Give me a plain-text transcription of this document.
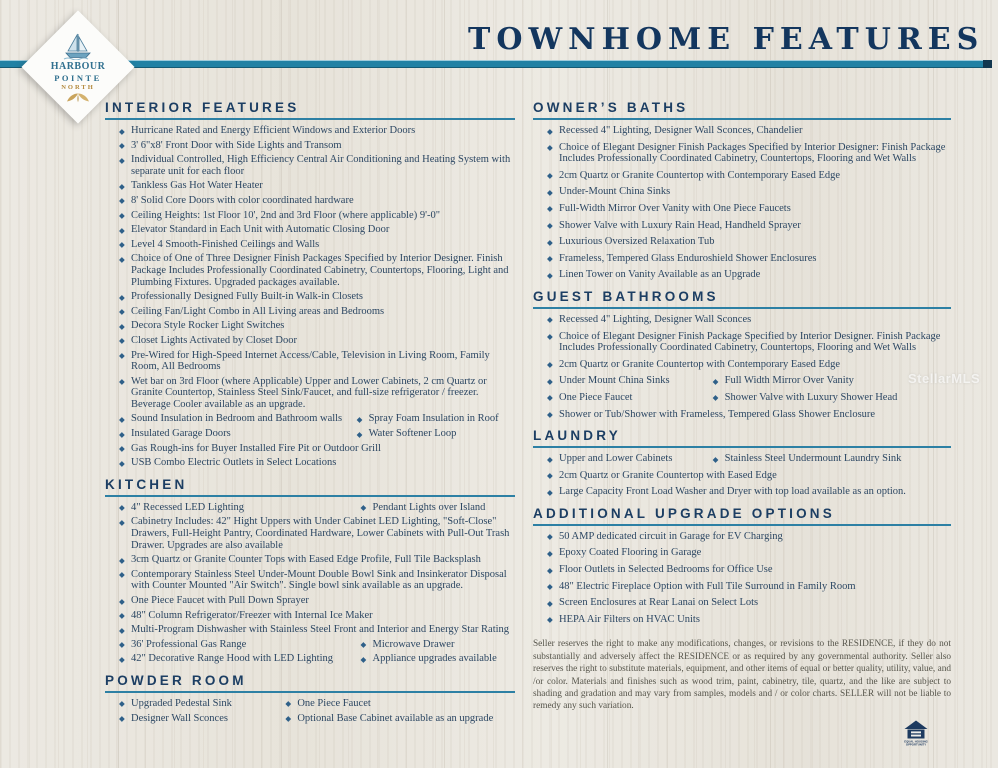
HARBOUR
POINTE
NORTH
TOWNHOME FEATURES
INTERIOR FEATURES
◆ Hurricane Rated and Energy Efficient Windows and Exterior Doors
◆ 3' 6"x8' Front Door with Side Lights and Transom
◆ Individual Controlled, High Efficiency Central Air Conditioning and Heating System with separate unit for each floor
◆ Tankless Gas Hot Water Heater
◆ 8' Solid Core Doors with color coordinated hardware
◆ Ceiling Heights: 1st Floor 10', 2nd and 3rd Floor (where applicable) 9'-0"
◆ Elevator Standard in Each Unit with Automatic Closing Door
◆ Level 4 Smooth-Finished Ceilings and Walls
◆ Choice of One of Three Designer Finish Packages Specified by Interior Designer. Finish Package Includes Professionally Coordinated Cabinetry, Countertops, Flooring, Light and Plumbing Fixtures. Upgraded packages available.
◆ Professionally Designed Fully Built-in Walk-in Closets
◆ Ceiling Fan/Light Combo in All Living areas and Bedrooms
◆ Decora Style Rocker Light Switches
◆ Closet Lights Activated by Closet Door
◆ Pre-Wired for High-Speed Internet Access/Cable, Television in Living Room, Family Room, All Bedrooms
◆ Wet bar on 3rd Floor (where Applicable) Upper and Lower Cabinets, 2 cm Quartz or Granite Countertop, Stainless Steel Sink/Faucet, and full-size refrigerator / freezer. Beverage Cooler available as an upgrade.
◆ Sound Insulation in Bedroom and Bathroom walls	◆ Spray Foam Insulation in Roof
◆ Insulated Garage Doors	◆ Water Softener Loop
◆ Gas Rough-ins for Buyer Installed Fire Pit or Outdoor Grill
◆ USB Combo Electric Outlets in Select Locations
KITCHEN
◆ 4" Recessed LED Lighting	◆ Pendant Lights over Island
◆ Cabinetry Includes: 42" Hight Uppers with Under Cabinet LED Lighting, "Soft-Close" Drawers, Full-Height Pantry, Coordinated Hardware, Lower Cabinets with Pull-Out Trash Drawer. Upgrades are also available
◆ 3cm Quartz or Granite Counter Tops with Eased Edge Profile, Full Tile Backsplash
◆ Contemporary Stainless Steel Under-Mount Double Bowl Sink and Insinkerator Disposal with Counter Mounted "Air Switch". Single bowl sink available as an upgrade.
◆ One Piece Faucet with Pull Down Sprayer
◆ 48" Column Refrigerator/Freezer with Internal Ice Maker
◆ Multi-Program Dishwasher with Stainless Steel Front and Interior and Energy Star Rating
◆ 36' Professional Gas Range	◆ Microwave Drawer
◆ 42" Decorative Range Hood with LED Lighting	◆ Appliance upgrades available
POWDER ROOM
◆ Upgraded Pedestal Sink	◆ One Piece Faucet
◆ Designer Wall Sconces	◆ Optional Base Cabinet available as an upgrade
OWNER’S BATHS
◆ Recessed 4" Lighting, Designer Wall Sconces, Chandelier
◆ Choice of Elegant Designer Finish Packages Specified by Interior Designer: Finish Package Includes Professionally Coordinated Cabinetry, Countertops, Flooring and Wet Walls
◆ 2cm Quartz or Granite Countertop with Contemporary Eased Edge
◆ Under-Mount China Sinks
◆ Full-Width Mirror Over Vanity with One Piece Faucets
◆ Shower Valve with Luxury Rain Head, Handheld Sprayer
◆ Luxurious Oversized Relaxation Tub
◆ Frameless, Tempered Glass Enduroshield Shower Enclosures
◆ Linen Tower on Vanity Available as an Upgrade
GUEST BATHROOMS
◆ Recessed 4" Lighting, Designer Wall Sconces
◆ Choice of Elegant Designer Finish Package Specified by Interior Designer. Finish Package Includes Professionally Coordinated Cabinetry, Countertops, Flooring and Wet Walls
◆ 2cm Quartz or Granite Countertop with Contemporary Eased Edge
◆ Under Mount China Sinks	◆ Full Width Mirror Over Vanity
◆ One Piece Faucet	◆ Shower Valve with Luxury Shower Head
◆ Shower or Tub/Shower with Frameless, Tempered Glass Shower Enclosure
LAUNDRY
◆ Upper and Lower Cabinets	◆ Stainless Steel Undermount Laundry Sink
◆ 2cm Quartz or Granite Countertop with Eased Edge
◆ Large Capacity Front Load Washer and Dryer with top load available as an option.
ADDITIONAL UPGRADE OPTIONS
◆ 50 AMP dedicated circuit in Garage for EV Charging
◆ Epoxy Coated Flooring in Garage
◆ Floor Outlets in Selected Bedrooms for Office Use
◆ 48" Electric Fireplace Option with Full Tile Surround in Family Room
◆ Screen Enclosures at Rear Lanai on Select Lots
◆ HEPA Air Filters on HVAC Units

Seller reserves the right to make any modifications, changes, or revisions to the RESIDENCE, if they do not substantially and adversely affect the RESIDENCE or as required by any governmental authority. Seller also reserves the right to substitute materials, equipment, and other items of equal or better quality, utility, value, and /or color. Materials and finishes such as wood trim, paint, cabinetry, tile, quartz, and the like are subject to shading and gradation and may vary from samples, models and / or color charts. SELLER will not be liable to remedy any such variation.

StellarMLS
EQUAL HOUSING
OPPORTUNITY
